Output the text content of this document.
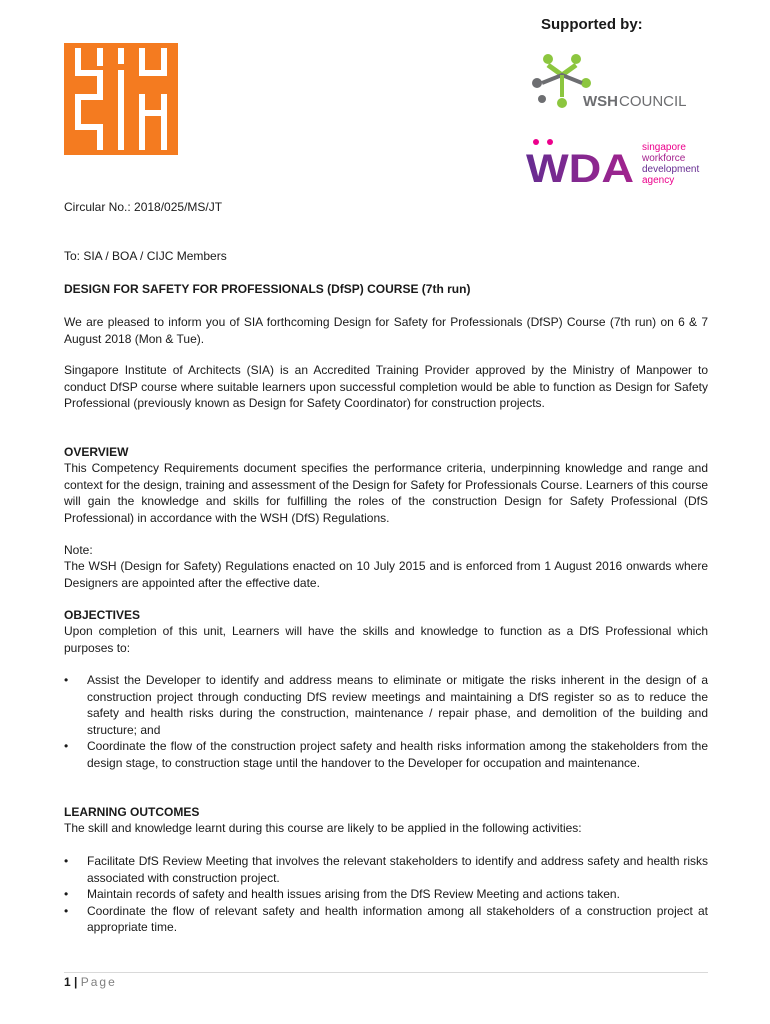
Supported by:
WSH COUNCIL
WDA singapore
workforce
development
agency
Circular No.: 2018/025/MS/JT
To: SIA / BOA / CIJC Members
DESIGN FOR SAFETY FOR PROFESSIONALS (DfSP) COURSE (7th run)
We are pleased to inform you of SIA forthcoming Design for Safety for Professionals (DfSP) Course (7th run) on 6 & 7 August 2018 (Mon & Tue).
Singapore Institute of Architects (SIA) is an Accredited Training Provider approved by the Ministry of Manpower to conduct DfSP course where suitable learners upon successful completion would be able to function as Design for Safety Professional (previously known as Design for Safety Coordinator) for construction projects.
OVERVIEW
This Competency Requirements document specifies the performance criteria, underpinning knowledge and range and context for the design, training and assessment of the Design for Safety for Professionals Course. Learners of this course will gain the knowledge and skills for fulfilling the roles of the construction Design for Safety Professional (DfS Professional) in accordance with the WSH (DfS) Regulations.
Note:
The WSH (Design for Safety) Regulations enacted on 10 July 2015 and is enforced from 1 August 2016 onwards where Designers are appointed after the effective date.
OBJECTIVES
Upon completion of this unit, Learners will have the skills and knowledge to function as a DfS Professional which purposes to:
• Assist the Developer to identify and address means to eliminate or mitigate the risks inherent in the design of a construction project through conducting DfS review meetings and maintaining a DfS register so as to reduce the safety and health risks during the construction, maintenance / repair phase, and demolition of the building and structure; and
• Coordinate the flow of the construction project safety and health risks information among the stakeholders from the design stage, to construction stage until the handover to the Developer for occupation and maintenance.
LEARNING OUTCOMES
The skill and knowledge learnt during this course are likely to be applied in the following activities:
• Facilitate DfS Review Meeting that involves the relevant stakeholders to identify and address safety and health risks associated with construction project.
• Maintain records of safety and health issues arising from the DfS Review Meeting and actions taken.
• Coordinate the flow of relevant safety and health information among all stakeholders of a construction project at appropriate time.
1 | Page
